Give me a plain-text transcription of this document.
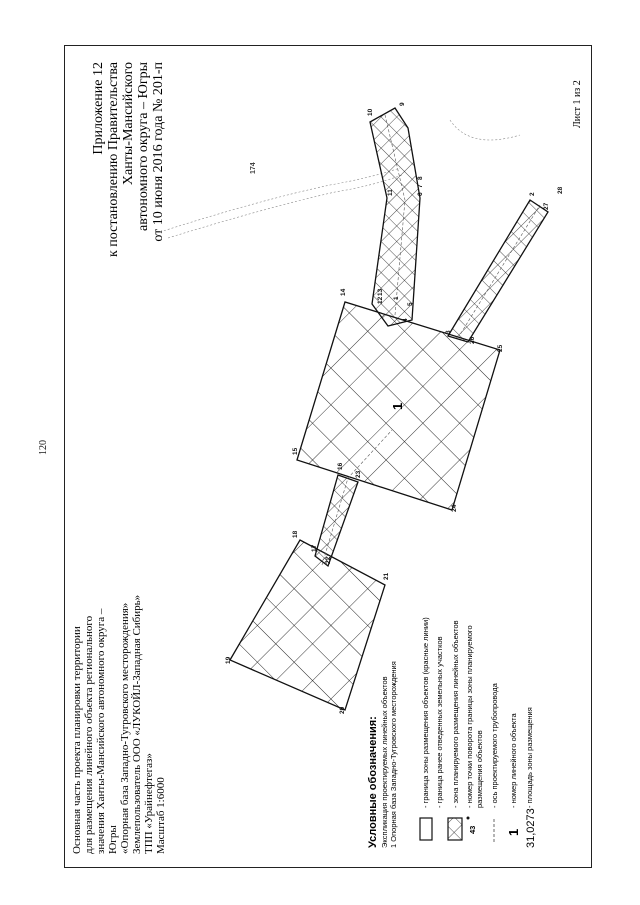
120
Основная часть проекта планировки территории для размещения линейного объекта регионального значения Ханты-Мансийского автономного округа – Югры «Опорная база Западно-Тугровского месторождения» Землепользователь ООО «ЛУКОЙЛ-Западная Сибирь» ТПП «Урайнефтегаз» Масштаб 1:6000
Приложение 12 к постановлению Правительства Ханты-Мансийского автономного округа – Югры от 10 июня 2016 года № 201-п	Лист 1 из 2
174
1
2
3
4
5
6
7
8
9
10
11
12
13
14
15
16
17
18
19
20
21
22
23
24
25
26
27
28
1
Условные обозначения: Экспликация проектируемых линейных объектов 1 Опорная база Западно-Тугровского месторождения	- граница зоны размещения объектов (красные линии) - граница ранее отведенных земельных участков - зона планируемого размещения линейных объектов
43
- номер точки поворота границы зоны планируемого размещения объектов - ось проектируемого трубопровода
1
- номер линейного объекта
31,0273
- площадь зоны размещения
